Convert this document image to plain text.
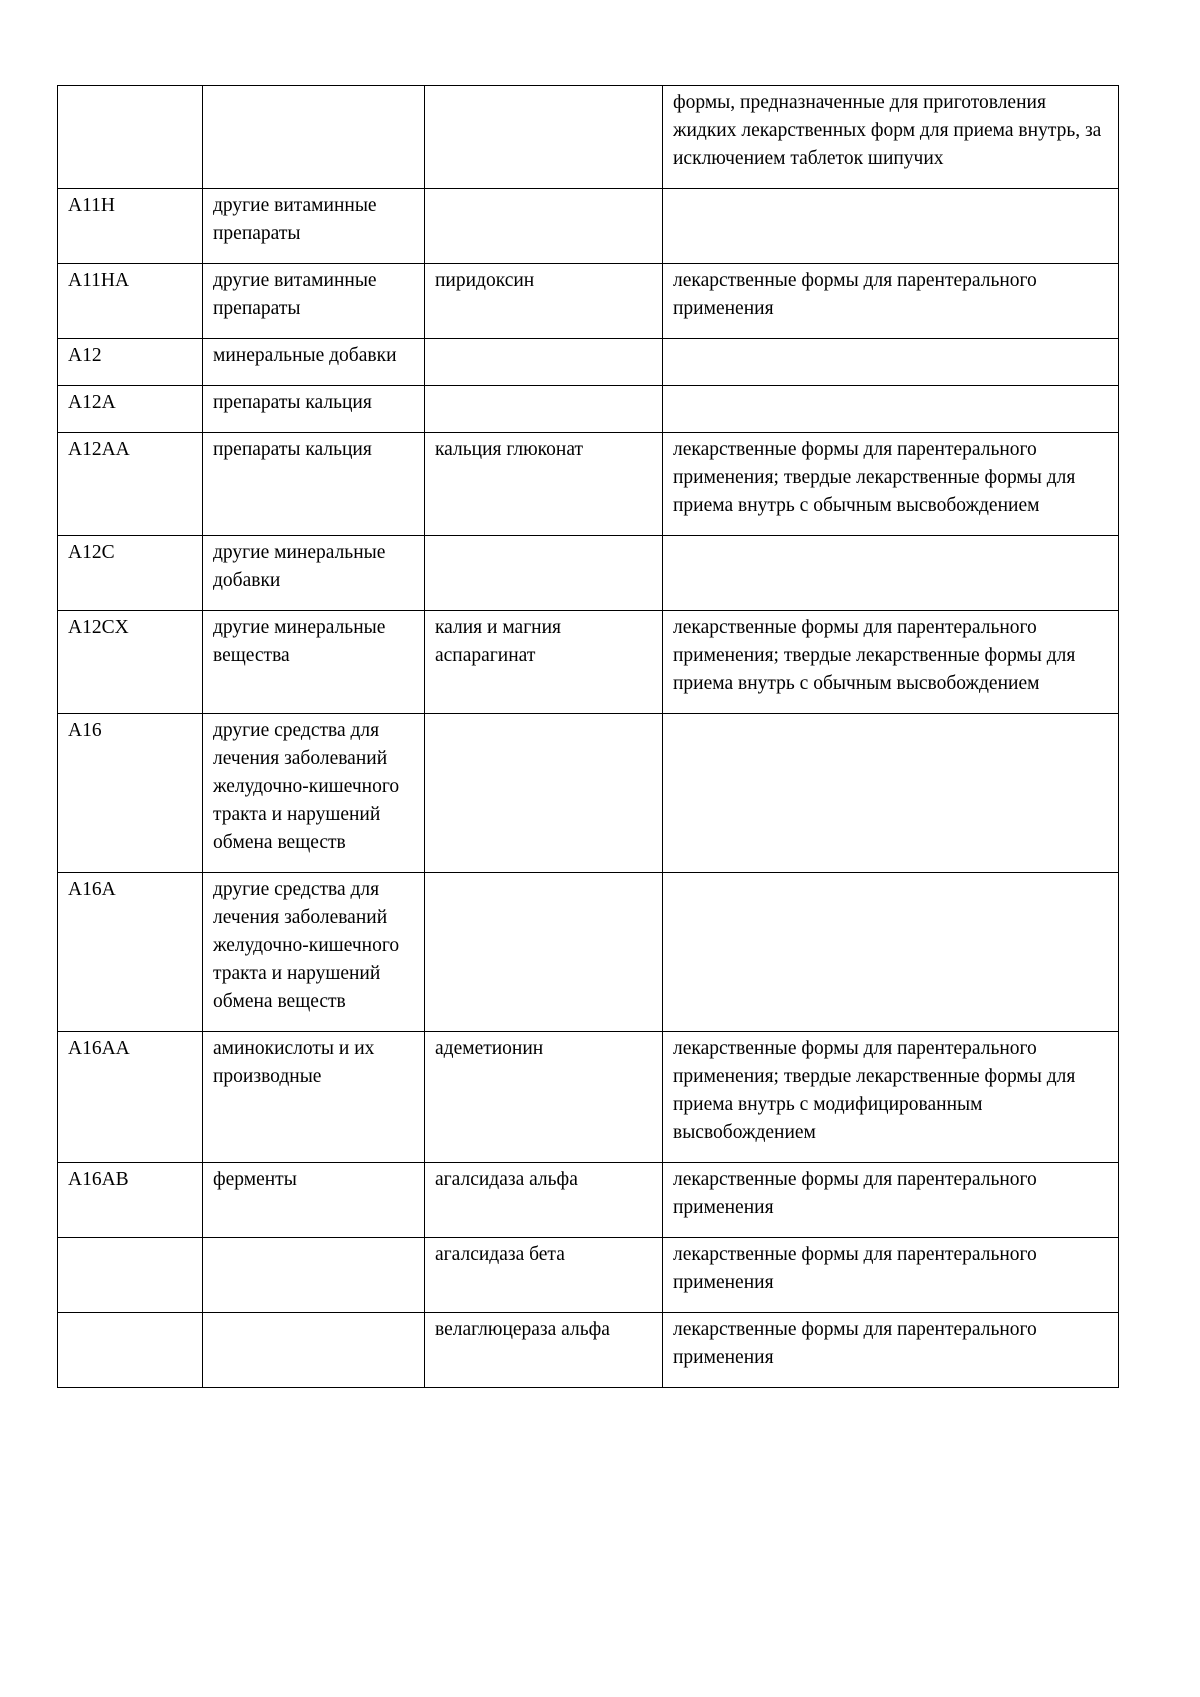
			формы, предназначенные для приготовления жидких лекарственных форм для приема внутрь, за исключением таблеток шипучих
A11H	другие витаминные препараты		
A11HA	другие витаминные препараты	пиридоксин	лекарственные формы для парентерального применения
A12	минеральные добавки		
A12A	препараты кальция		
A12AA	препараты кальция	кальция глюконат	лекарственные формы для парентерального применения; твердые лекарственные формы для приема внутрь с обычным высвобождением
A12C	другие минеральные добавки		
A12CX	другие минеральные вещества	калия и магния аспарагинат	лекарственные формы для парентерального применения; твердые лекарственные формы для приема внутрь с обычным высвобождением
A16	другие средства для лечения заболеваний желудочно-кишечного тракта и нарушений обмена веществ		
A16A	другие средства для лечения заболеваний желудочно-кишечного тракта и нарушений обмена веществ		
A16AA	аминокислоты и их производные	адеметионин	лекарственные формы для парентерального применения; твердые лекарственные формы для приема внутрь с модифицированным высвобождением
A16AB	ферменты	агалсидаза альфа	лекарственные формы для парентерального применения
		агалсидаза бета	лекарственные формы для парентерального применения
		велаглюцераза альфа	лекарственные формы для парентерального применения
